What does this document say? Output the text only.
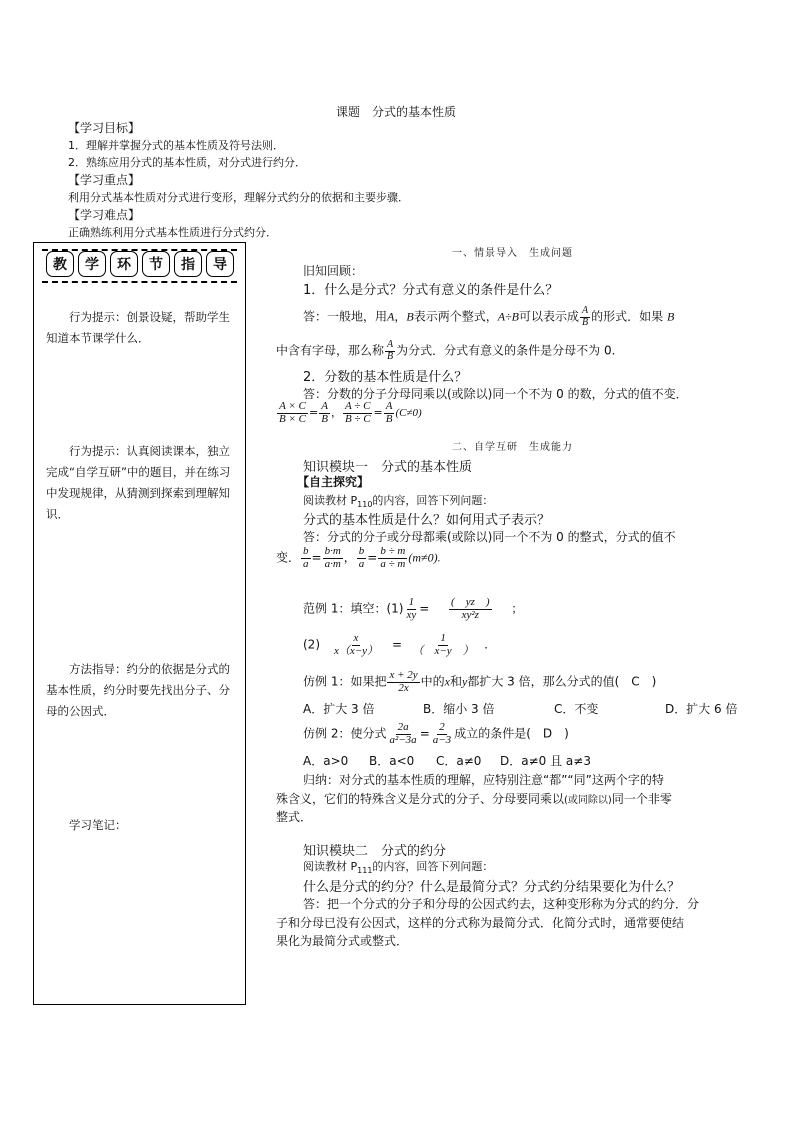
课题　分式的基本性质
【学习目标】
1．理解并掌握分式的基本性质及符号法则．
2．熟练应用分式的基本性质，对分式进行约分．
【学习重点】
利用分式基本性质对分式进行变形，理解分式约分的依据和主要步骤．
【学习难点】
正确熟练利用分式基本性质进行分式约分．
教	学	环	节	指	导
行为提示：创景设疑，帮助学生知道本节课学什么．
行为提示：认真阅读课本，独立完成“自学互研”中的题目，并在练习中发现规律，从猜测到探索到理解知识．
方法指导：约分的依据是分式的基本性质，约分时要先找出分子、分母的公因式．
学习笔记：
一、情景导入　生成问题
旧知回顾：
1．什么是分式？分式有意义的条件是什么？
答：一般地，用A，B表示两个整式，A÷B可以表示成 $\frac{A}{B}$ 的形式．如果 B
中含有字母，那么称 $\frac{A}{B}$ 为分式．分式有意义的条件是分母不为 0.
2．分数的基本性质是什么？
答：分数的分子分母同乘以(或除以)同一个不为 0 的数，分式的值不变．
$\frac{A \times C}{B \times C} = \frac{A}{B}$ ， $\frac{A \div C}{B \div C} = \frac{A}{B} (C\ne 0)$
二、自学互研　生成能力
知识模块一　分式的基本性质
【自主探究】
阅读教材 $P_{110}$的内容，回答下列问题：
分式的基本性质是什么？如何用式子表示？
答：分式的分子或分母都乘(或除以)同一个不为 0 的整式，分式的值不
变． $\frac{b}{a} = \frac{b\cdot m}{a\cdot m}$ ， $\frac{b}{a} = \frac{b \div m}{a \div m} (m\ne 0)$.
范例 1：填空：$(1) \frac{1}{xy} = \frac{( yz )}{\text{xy²z}}$ ；
$(2) \frac{x}{x(x-y)} = \frac{1}{( x-y )}$ .
仿例 1：如果把 $\frac{x + 2y}{2x}$ 中的x和y都扩大 3 倍，那么分式的值(　C　)
A．扩大 3 倍	B．缩小 3 倍	C．不变	D．扩大 6 倍
仿例 2：使分式 $\frac{2a}{\text{a²−3a}} = \frac{2}{a-3}$ 成立的条件是(　D　)
A．a>0 B．a<0 C．a≠0 D．a≠0 且 a≠3
归纳：对分式的基本性质的理解，应特别注意“都”“同”这两个字的特
殊含义，它们的特殊含义是分式的分子、分母要同乘以(或同除以)同一个非零
整式．
知识模块二　分式的约分
阅读教材 $P_{111}$的内容，回答下列问题：
什么是分式的约分？什么是最简分式？分式约分结果要化为什么？
答：把一个分式的分子和分母的公因式约去，这种变形称为分式的约分．分
子和分母已没有公因式，这样的分式称为最简分式．化简分式时，通常要使结
果化为最简分式或整式．
